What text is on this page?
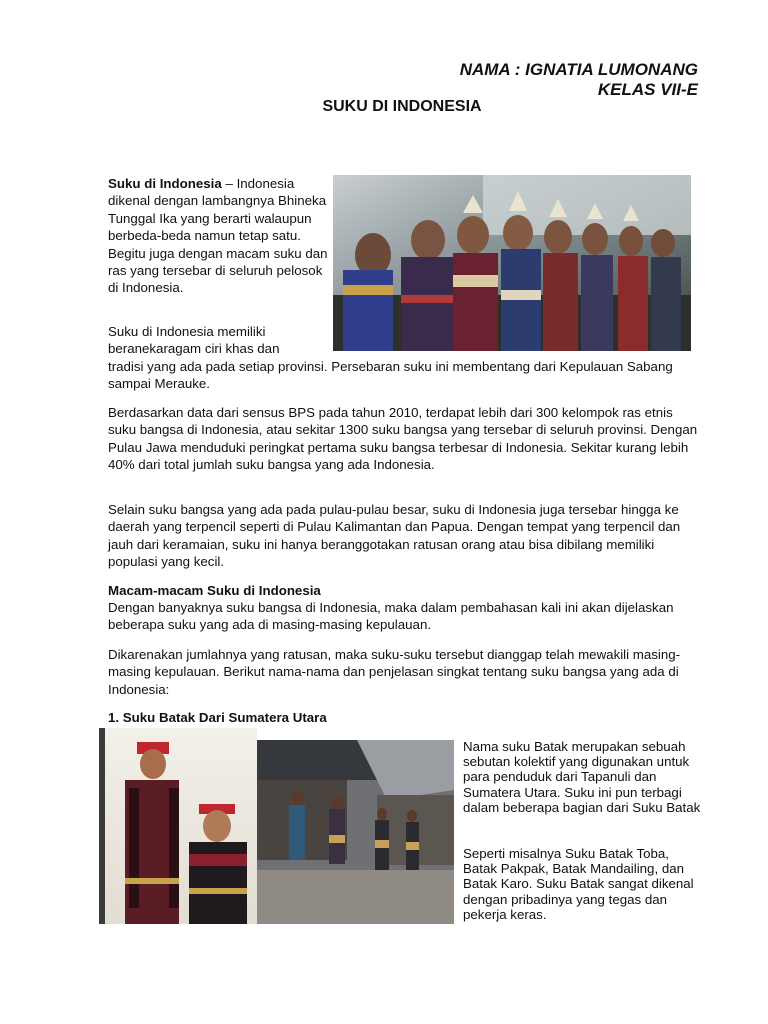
NAMA : IGNATIA LUMONANG
KELAS VII-E
SUKU DI INDONESIA

Suku di Indonesia – Indonesia dikenal dengan lambangnya Bhineka Tunggal Ika yang berarti walaupun berbeda-beda namun tetap satu. Begitu juga dengan macam suku dan ras yang tersebar di seluruh pelosok di Indonesia.

Suku di Indonesia memiliki beranekaragam ciri khas dan
tradisi yang ada pada setiap provinsi. Persebaran suku ini membentang dari Kepulauan Sabang sampai Merauke.
Berdasarkan data dari sensus BPS pada tahun 2010, terdapat lebih dari 300 kelompok ras etnis suku bangsa di Indonesia, atau sekitar 1300 suku bangsa yang tersebar di seluruh provinsi. Dengan Pulau Jawa menduduki peringkat pertama suku bangsa terbesar di Indonesia. Sekitar kurang lebih 40% dari total jumlah suku bangsa yang ada Indonesia.
Selain suku bangsa yang ada pada pulau-pulau besar, suku di Indonesia juga tersebar hingga ke daerah yang terpencil seperti di Pulau Kalimantan dan Papua. Dengan tempat yang terpencil dan jauh dari keramaian, suku ini hanya beranggotakan ratusan orang atau bisa dibilang memiliki populasi yang kecil.
Macam-macam Suku di Indonesia
Dengan banyaknya suku bangsa di Indonesia, maka dalam pembahasan kali ini akan dijelaskan beberapa suku yang ada di masing-masing kepulauan.
Dikarenakan jumlahnya yang ratusan, maka suku-suku tersebut dianggap telah mewakili masing-masing kepulauan. Berikut nama-nama dan penjelasan singkat tentang suku bangsa yang ada di Indonesia:
1. Suku Batak Dari Sumatera Utara
Nama suku Batak merupakan sebuah sebutan kolektif yang digunakan untuk para penduduk dari Tapanuli dan Sumatera Utara. Suku ini pun terbagi dalam beberapa bagian dari Suku Batak
Seperti misalnya Suku Batak Toba, Batak Pakpak, Batak Mandailing, dan Batak Karo. Suku Batak sangat dikenal dengan pribadinya yang tegas dan pekerja keras.
